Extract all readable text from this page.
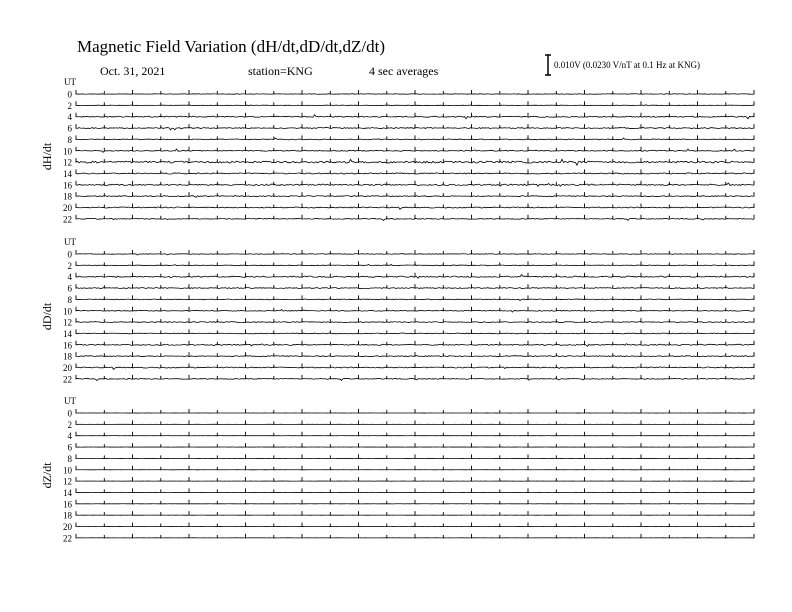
Magnetic Field Variation (dH/dt,dD/dt,dZ/dt)
Oct. 31, 2021	station=KNG	4 sec averages	0.010V (0.0230 V/nT at 0.1 Hz at KNG)
UT
dH/dt
0
2
4
6
8
10
12
14
16
18
20
22
UT
dD/dt
0
2
4
6
8
10
12
14
16
18
20
22
UT
dZ/dt
0
2
4
6
8
10
12
14
16
18
20
22
